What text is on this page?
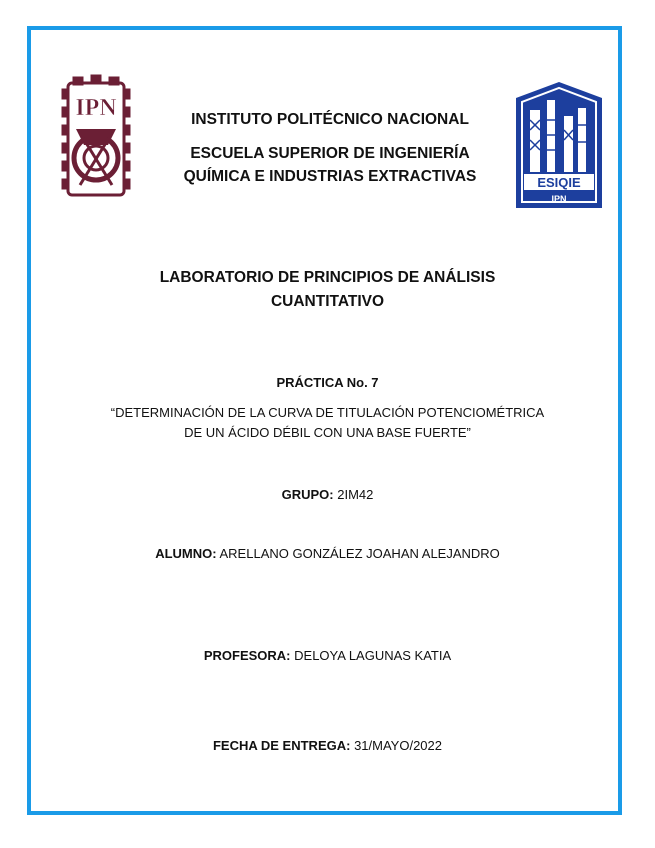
IPN
ESIQIE
IPN
INSTITUTO POLITÉCNICO NACIONAL
ESCUELA SUPERIOR DE INGENIERÍA
QUÍMICA E INDUSTRIAS EXTRACTIVAS
LABORATORIO DE PRINCIPIOS DE ANÁLISIS
CUANTITATIVO
PRÁCTICA No. 7
“DETERMINACIÓN DE LA CURVA DE TITULACIÓN POTENCIOMÉTRICA
DE UN ÁCIDO DÉBIL CON UNA BASE FUERTE”
GRUPO: 2IM42
ALUMNO: ARELLANO GONZÁLEZ JOAHAN ALEJANDRO
PROFESORA: DELOYA LAGUNAS KATIA
FECHA DE ENTREGA: 31/MAYO/2022
